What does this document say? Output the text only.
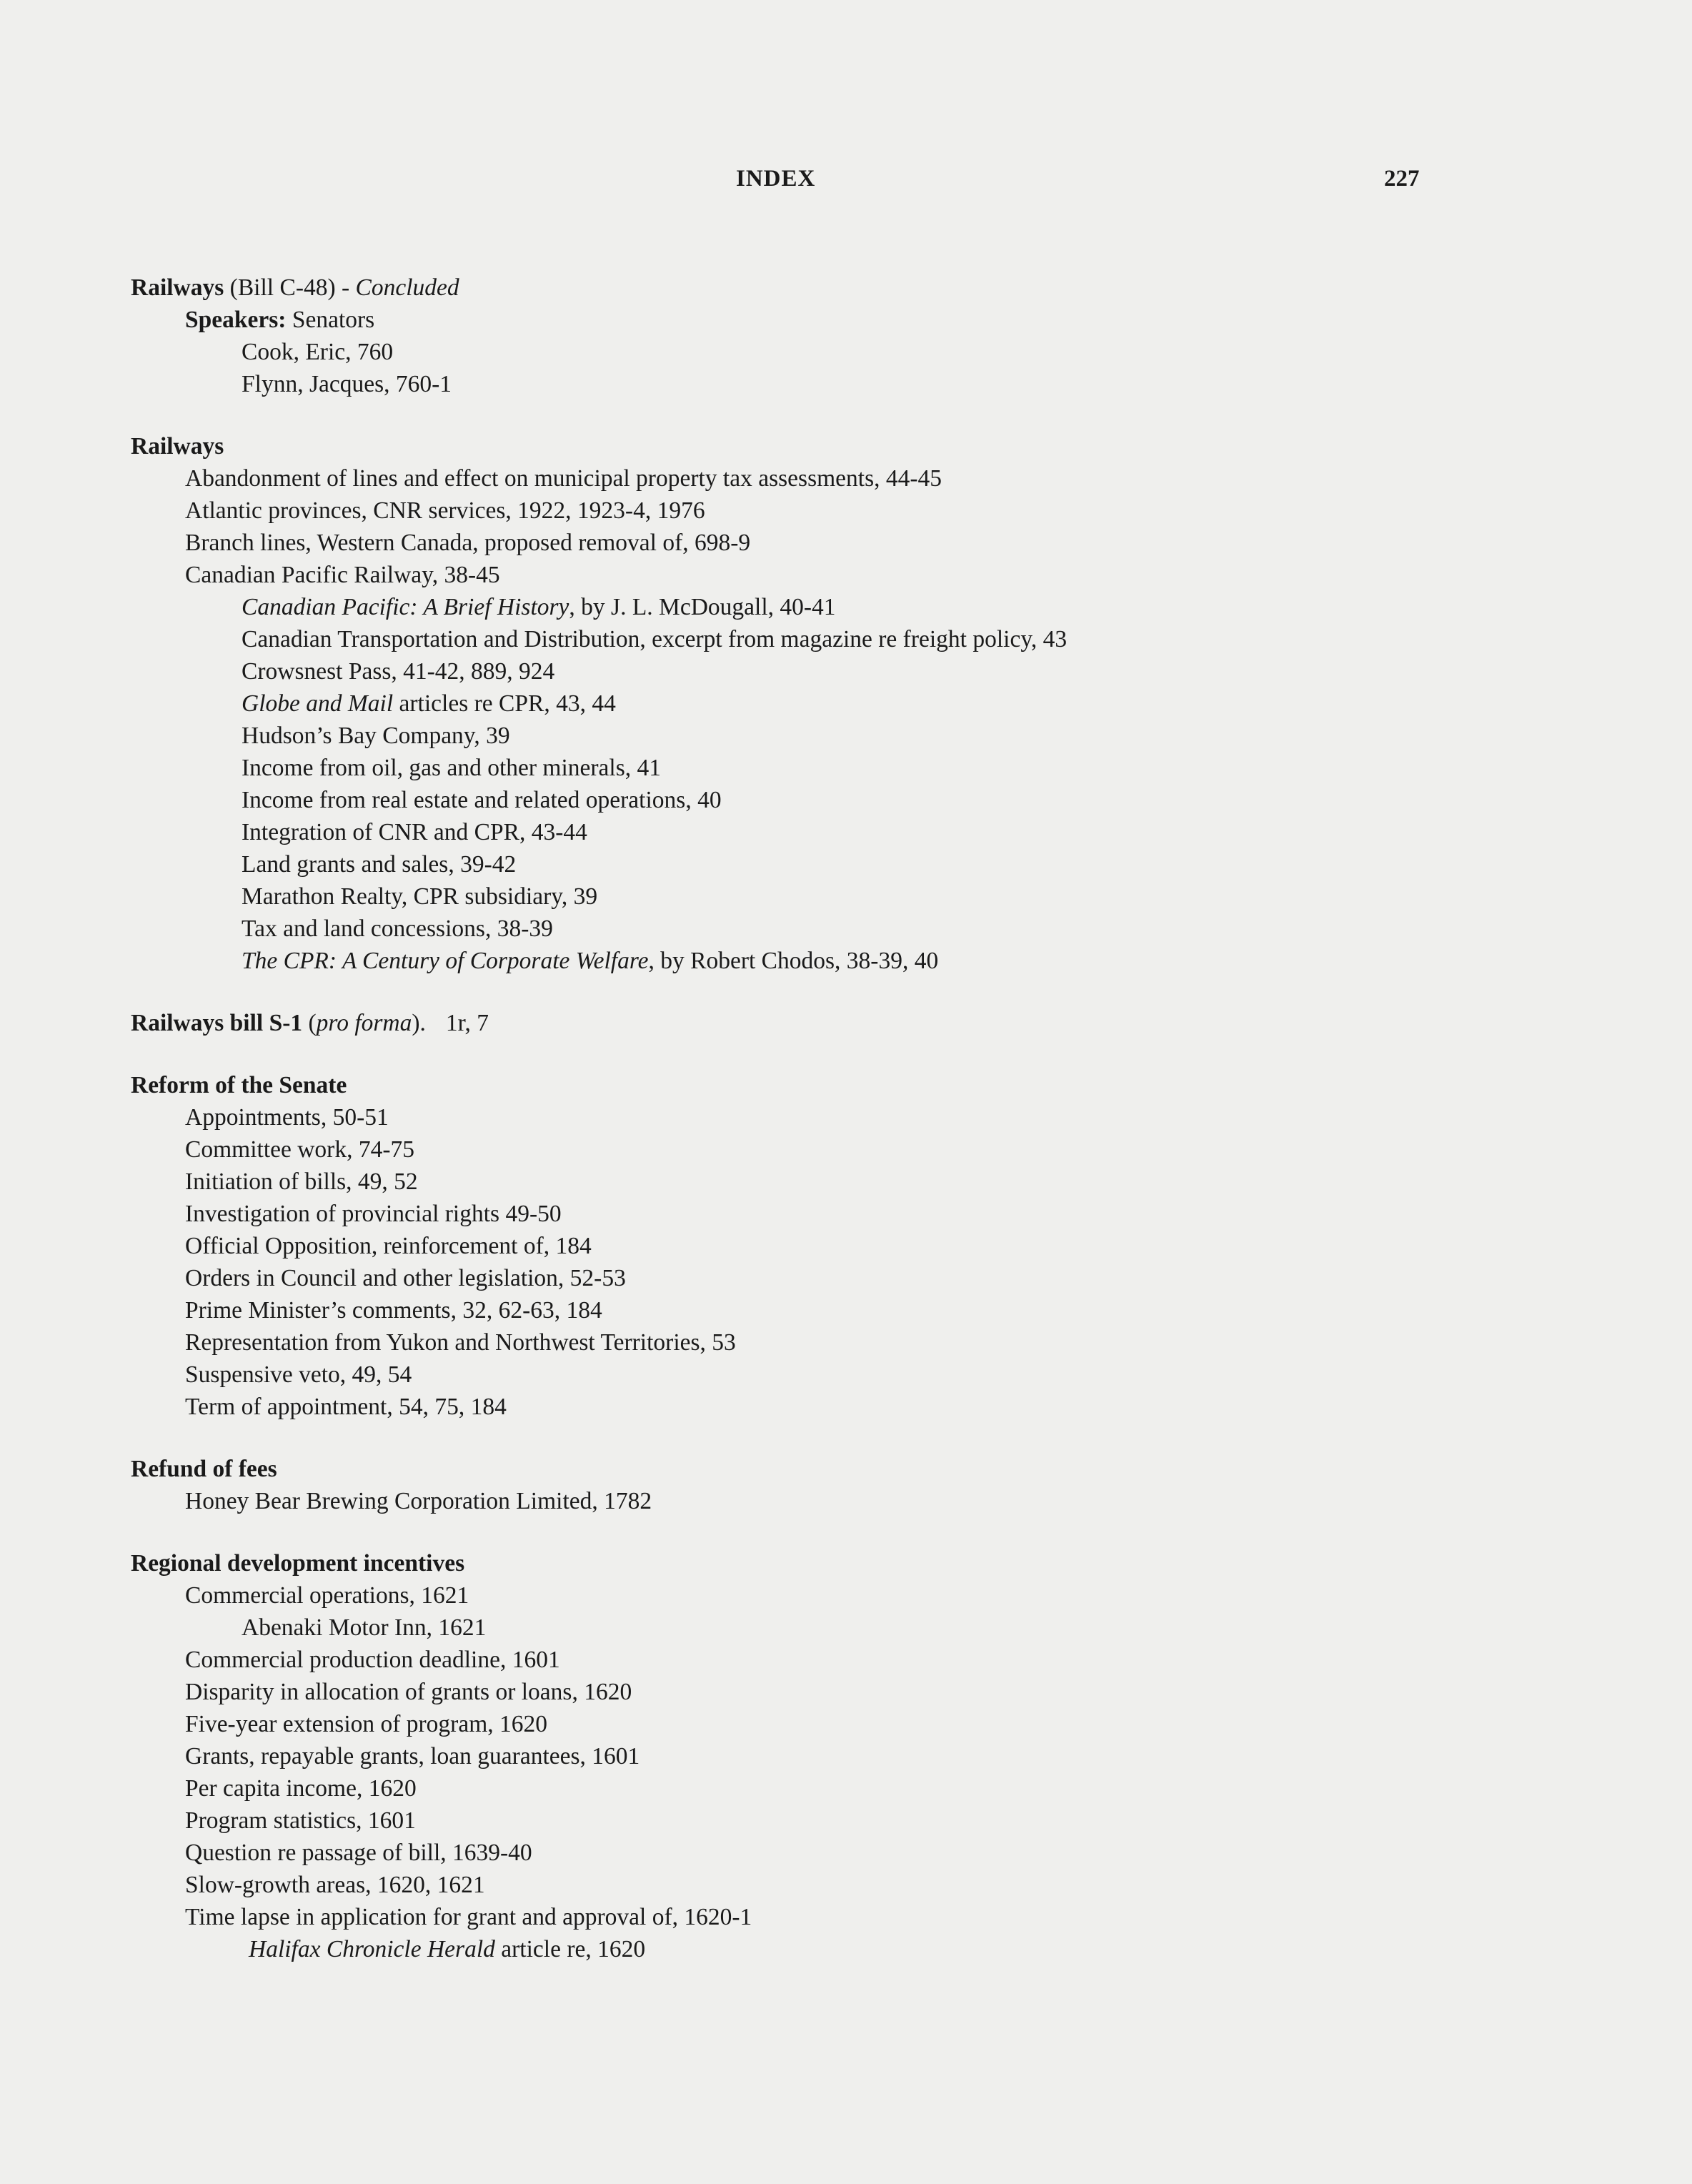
INDEX	227
Railways (Bill C-48) - Concluded
Speakers: Senators
Cook, Eric, 760
Flynn, Jacques, 760-1
Railways
Abandonment of lines and effect on municipal property tax assessments, 44-45
Atlantic provinces, CNR services, 1922, 1923-4, 1976
Branch lines, Western Canada, proposed removal of, 698-9
Canadian Pacific Railway, 38-45
Canadian Pacific: A Brief History, by J. L. McDougall, 40-41
Canadian Transportation and Distribution, excerpt from magazine re freight policy, 43
Crowsnest Pass, 41-42, 889, 924
Globe and Mail articles re CPR, 43, 44
Hudson’s Bay Company, 39
Income from oil, gas and other minerals, 41
Income from real estate and related operations, 40
Integration of CNR and CPR, 43-44
Land grants and sales, 39-42
Marathon Realty, CPR subsidiary, 39
Tax and land concessions, 38-39
The CPR: A Century of Corporate Welfare, by Robert Chodos, 38-39, 40
Railways bill S-1 (pro forma). 1r, 7
Reform of the Senate
Appointments, 50-51
Committee work, 74-75
Initiation of bills, 49, 52
Investigation of provincial rights 49-50
Official Opposition, reinforcement of, 184
Orders in Council and other legislation, 52-53
Prime Minister’s comments, 32, 62-63, 184
Representation from Yukon and Northwest Territories, 53
Suspensive veto, 49, 54
Term of appointment, 54, 75, 184
Refund of fees
Honey Bear Brewing Corporation Limited, 1782
Regional development incentives
Commercial operations, 1621
Abenaki Motor Inn, 1621
Commercial production deadline, 1601
Disparity in allocation of grants or loans, 1620
Five-year extension of program, 1620
Grants, repayable grants, loan guarantees, 1601
Per capita income, 1620
Program statistics, 1601
Question re passage of bill, 1639-40
Slow-growth areas, 1620, 1621
Time lapse in application for grant and approval of, 1620-1
Halifax Chronicle Herald article re, 1620
